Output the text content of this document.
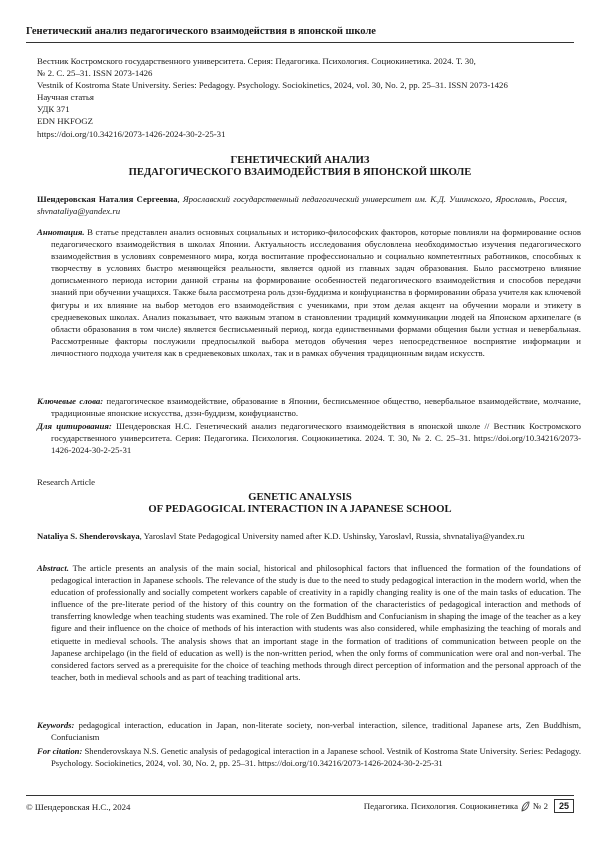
Генетический анализ педагогического взаимодействия в японской школе
Вестник Костромского государственного университета. Серия: Педагогика. Психология. Социокинетика. 2024. Т. 30,
№ 2. С. 25–31. ISSN 2073-1426
Vestnik of Kostroma State University. Series: Pedagogy. Psychology. Sociokinetics, 2024, vol. 30, No. 2, pp. 25–31. ISSN 2073-1426
Научная статья
УДК 371
EDN HKFOGZ
https://doi.org/10.34216/2073-1426-2024-30-2-25-31
ГЕНЕТИЧЕСКИЙ АНАЛИЗ
ПЕДАГОГИЧЕСКОГО ВЗАИМОДЕЙСТВИЯ В ЯПОНСКОЙ ШКОЛЕ
Шендеровская Наталия Сергеевна, Ярославский государственный педагогический университет им. К.Д. Ушинского, Ярославль, Россия, shvnataliya@yandex.ru
Аннотация. В статье представлен анализ основных социальных и историко-философских факторов, которые повлияли на формирование основ педагогического взаимодействия в школах Японии. Актуальность исследования обусловлена необходимостью изучения педагогического взаимодействия в условиях современного мира, когда воспитание профессионально и социально компетентных работников, способных к творчеству в условиях быстро меняющейся реальности, является одной из главных задач образования. Было рассмотрено влияние дописьменного периода истории данной страны на формирование особенностей педагогического взаимодействия и способов передачи знаний при обучении учащихся. Также была рассмотрена роль дзэн-буддизма и конфуцианства в формировании образа учителя как ключевой фигуры и их влияние на выбор методов его взаимодействия с учениками, при этом делая акцент на обучении морали и этикету в средневековых школах. Анализ показывает, что важным этапом в становлении традиций коммуникации людей на Японском архипелаге (в области образования в том числе) является бесписьменный период, когда единственными формами общения были устная и невербальная. Рассмотренные факторы послужили предпосылкой выбора методов обучения через непосредственное восприятие информации и личностного подхода учителя как в средневековых школах, так и в рамках обучения традиционным видам искусств.
Ключевые слова: педагогическое взаимодействие, образование в Японии, бесписьменное общество, невербальное взаимодействие, молчание, традиционные японские искусства, дзэн-буддизм, конфуцианство.
Для цитирования: Шендеровская Н.С. Генетический анализ педагогического взаимодействия в японской школе // Вестник Костромского государственного университета. Серия: Педагогика. Психология. Социокинетика. 2024. Т. 30, № 2. С. 25–31. https://doi.org/10.34216/2073-1426-2024-30-2-25-31
Research Article
GENETIC ANALYSIS
OF PEDAGOGICAL INTERACTION IN A JAPANESE SCHOOL
Nataliya S. Shenderovskaya, Yaroslavl State Pedagogical University named after K.D. Ushinsky, Yaroslavl, Russia, shvnataliya@yandex.ru
Abstract. The article presents an analysis of the main social, historical and philosophical factors that influenced the formation of the foundations of pedagogical interaction in Japanese schools. The relevance of the study is due to the need to study pedagogical interaction in the modern world, when the education of professionally and socially competent workers capable of creativity in a rapidly changing reality is one of the main tasks of education. The influence of the pre-literate period of the history of this country on the formation of the characteristics of pedagogical interaction and methods of transferring knowledge when teaching students was examined. The role of Zen Buddhism and Confucianism in shaping the image of the teacher as a key figure and their influence on the choice of methods of his interaction with students was also considered, while emphasizing the teaching of morals and etiquette in medieval schools. The analysis shows that an important stage in the formation of traditions of communication between people on the Japanese archipelago (in the field of education as well) is the non-written period, when the only forms of communication were oral and non-verbal. The considered factors served as a prerequisite for the choice of teaching methods through direct perception of information and the personal approach of the teacher, both in medieval schools and as part of teaching traditional arts.
Keywords: pedagogical interaction, education in Japan, non-literate society, non-verbal interaction, silence, traditional Japanese arts, Zen Buddhism, Confucianism
For citation: Shenderovskaya N.S. Genetic analysis of pedagogical interaction in a Japanese school. Vestnik of Kostroma State University. Series: Pedagogy. Psychology. Sociokinetics, 2024, vol. 30, No. 2, pp. 25–31. https://doi.org/10.34216/2073-1426-2024-30-2-25-31
© Шендеровская Н.С., 2024	Педагогика. Психология. Социокинетика № 2	25
